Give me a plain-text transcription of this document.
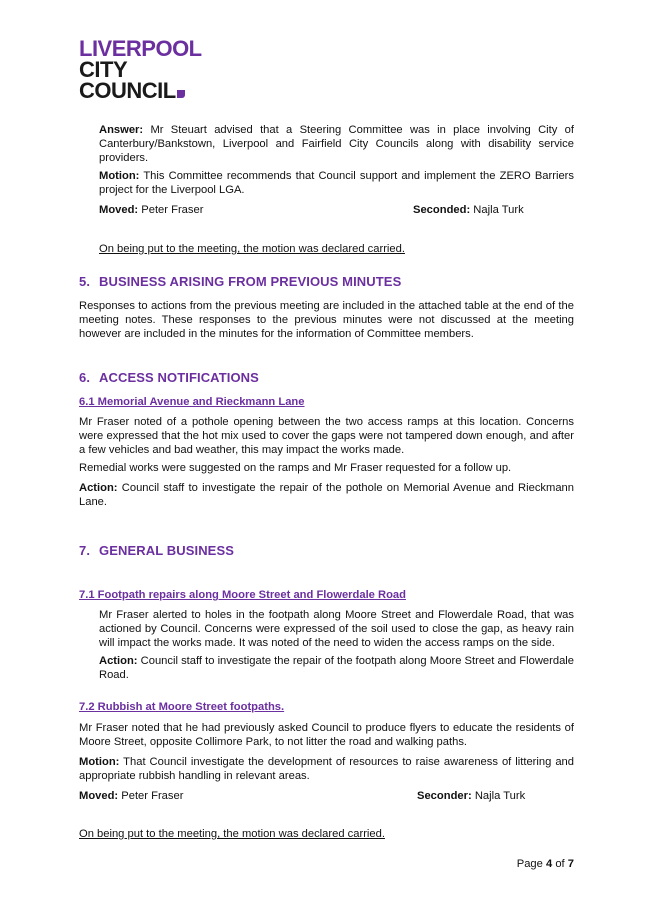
LIVERPOOL
CITY
COUNCIL
Answer: Mr Steuart advised that a Steering Committee was in place involving City of Canterbury/Bankstown, Liverpool and Fairfield City Councils along with disability service providers.
Motion: This Committee recommends that Council support and implement the ZERO Barriers project for the Liverpool LGA.
Moved: Peter Fraser	Seconded: Najla Turk
On being put to the meeting, the motion was declared carried.
5. BUSINESS ARISING FROM PREVIOUS MINUTES
Responses to actions from the previous meeting are included in the attached table at the end of the meeting notes. These responses to the previous minutes were not discussed at the meeting however are included in the minutes for the information of Committee members.
6. ACCESS NOTIFICATIONS
6.1 Memorial Avenue and Rieckmann Lane
Mr Fraser noted of a pothole opening between the two access ramps at this location. Concerns were expressed that the hot mix used to cover the gaps were not tampered down enough, and after a few vehicles and bad weather, this may impact the works made.
Remedial works were suggested on the ramps and Mr Fraser requested for a follow up.
Action: Council staff to investigate the repair of the pothole on Memorial Avenue and Rieckmann Lane.
7. GENERAL BUSINESS
7.1 Footpath repairs along Moore Street and Flowerdale Road
Mr Fraser alerted to holes in the footpath along Moore Street and Flowerdale Road, that was actioned by Council. Concerns were expressed of the soil used to close the gap, as heavy rain will impact the works made. It was noted of the need to widen the access ramps on the side.
Action: Council staff to investigate the repair of the footpath along Moore Street and Flowerdale Road.
7.2 Rubbish at Moore Street footpaths.
Mr Fraser noted that he had previously asked Council to produce flyers to educate the residents of Moore Street, opposite Collimore Park, to not litter the road and walking paths.
Motion: That Council investigate the development of resources to raise awareness of littering and appropriate rubbish handling in relevant areas.
Moved: Peter Fraser	Seconder: Najla Turk
On being put to the meeting, the motion was declared carried.
Page 4 of 7
